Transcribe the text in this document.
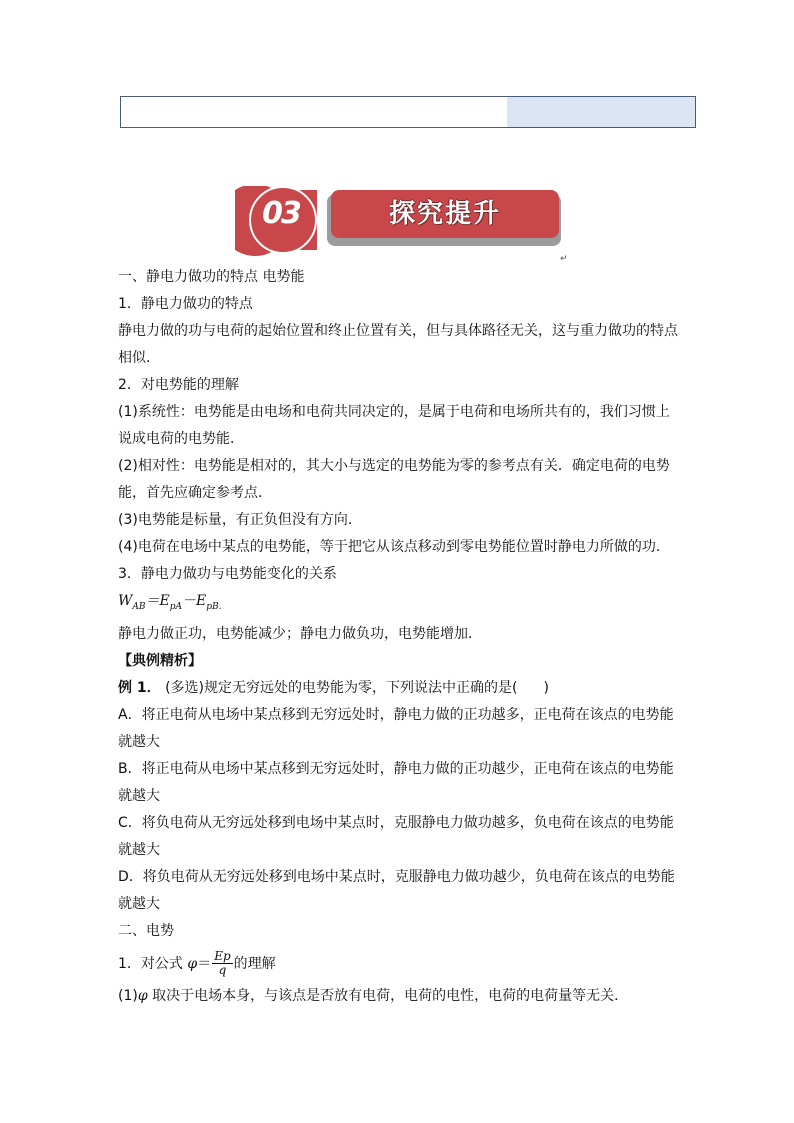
03	探究提升
↵
一、静电力做功的特点 电势能
1．静电力做功的特点
静电力做的功与电荷的起始位置和终止位置有关，但与具体路径无关，这与重力做功的特点
相似．
2．对电势能的理解
(1)系统性：电势能是由电场和电荷共同决定的，是属于电荷和电场所共有的，我们习惯上
说成电荷的电势能．
(2)相对性：电势能是相对的，其大小与选定的电势能为零的参考点有关．确定电荷的电势
能，首先应确定参考点．
(3)电势能是标量，有正负但没有方向．
(4)电荷在电场中某点的电势能，等于把它从该点移动到零电势能位置时静电力所做的功．
3．静电力做功与电势能变化的关系
$W_{AB}=E_{pA}-E_{pB.}$
静电力做正功，电势能减少；静电力做负功，电势能增加．
【典例精析】
例 1． (多选)规定无穷远处的电势能为零，下列说法中正确的是( )
A．将正电荷从电场中某点移到无穷远处时，静电力做的正功越多，正电荷在该点的电势能
就越大
B．将正电荷从电场中某点移到无穷远处时，静电力做的正功越少，正电荷在该点的电势能
就越大
C．将负电荷从无穷远处移到电场中某点时，克服静电力做功越多，负电荷在该点的电势能
就越大
D．将负电荷从无穷远处移到电场中某点时，克服静电力做功越少，负电荷在该点的电势能
就越大
二、电势
1．对公式 $\varphi= \frac{Ep}{q}$ 的理解
(1)φ 取决于电场本身，与该点是否放有电荷，电荷的电性，电荷的电荷量等无关．
